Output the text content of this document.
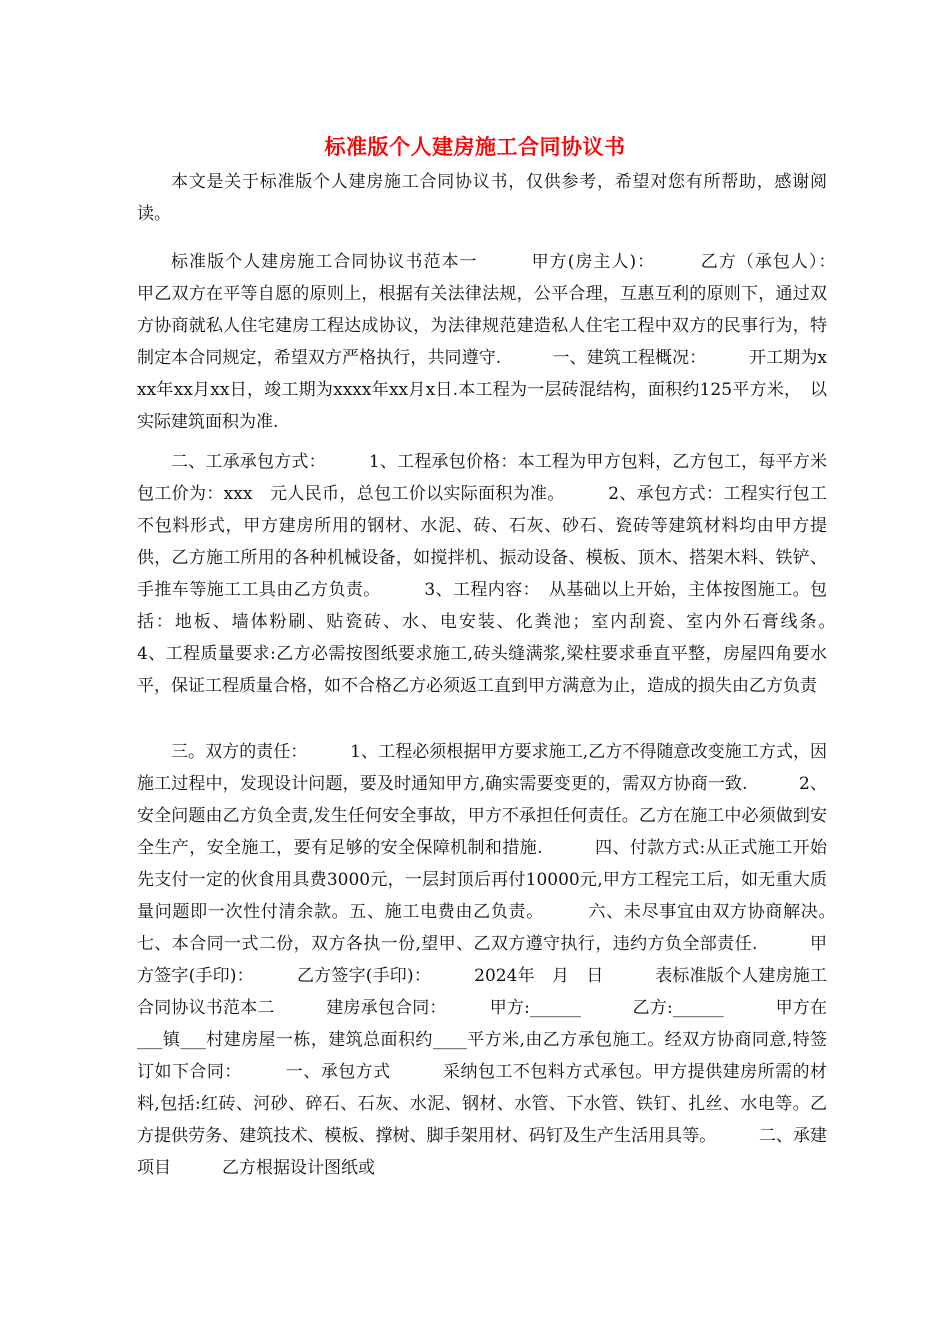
标准版个人建房施工合同协议书

本文是关于标准版个人建房施工合同协议书，仅供参考，希望对您有所帮助，感谢阅读。

标准版个人建房施工合同协议书范本一　　　甲方(房主人)：　　　乙方（承包人）：　　　甲乙双方在平等自愿的原则上，根据有关法律法规，公平合理，互惠互利的原则下，通过双方协商就私人住宅建房工程达成协议，为法律规范建造私人住宅工程中双方的民事行为，特制定本合同规定，希望双方严格执行，共同遵守.　　　一、建筑工程概况：　　　开工期为xxx年xx月xx日，竣工期为xxxx年xx月x日.本工程为一层砖混结构，面积约125平方米，　以实际建筑面积为准.

二、工承承包方式：　　　1、工程承包价格：本工程为甲方包料，乙方包工，每平方米包工价为：xxx　元人民币，总包工价以实际面积为准。　　　2、承包方式：工程实行包工不包料形式，甲方建房所用的钢材、水泥、砖、石灰、砂石、瓷砖等建筑材料均由甲方提供，乙方施工所用的各种机械设备，如搅拌机、振动设备、模板、顶木、搭架木料、铁铲、手推车等施工工具由乙方负责。　　　3、工程内容：　从基础以上开始，主体按图施工。包括：地板、墙体粉刷、贴瓷砖、水、电安装、化粪池；室内刮瓷、室内外石膏线条。　　　4、工程质量要求:乙方必需按图纸要求施工,砖头缝满浆,梁柱要求垂直平整，房屋四角要水平，保证工程质量合格，如不合格乙方必须返工直到甲方满意为止，造成的损失由乙方负责

三。双方的责任：　　　1、工程必须根据甲方要求施工,乙方不得随意改变施工方式，因施工过程中，发现设计问题，要及时通知甲方,确实需要变更的，需双方协商一致.　　　2、安全问题由乙方负全责,发生任何安全事故，甲方不承担任何责任。乙方在施工中必须做到安全生产，安全施工，要有足够的安全保障机制和措施.　　　四、付款方式:从正式施工开始先支付一定的伙食用具费3000元，一层封顶后再付10000元,甲方工程完工后，如无重大质量问题即一次性付清余款。五、施工电费由乙负责。　　　六、未尽事宜由双方协商解决。　　　七、本合同一式二份，双方各执一份,望甲、乙双方遵守执行，违约方负全部责任.　　　甲方签字(手印)：　　　乙方签字(手印)：　　　2024年　月　日　　　表标准版个人建房施工合同协议书范本二　　　建房承包合同：　　　甲方:______　　　乙方:______　　　甲方在___镇___村建房屋一栋，建筑总面积约____平方米,由乙方承包施工。经双方协商同意,特签订如下合同：　　　一、承包方式　　　采纳包工不包料方式承包。甲方提供建房所需的材料,包括:红砖、河砂、碎石、石灰、水泥、钢材、水管、下水管、铁钉、扎丝、水电等。乙方提供劳务、建筑技术、模板、撑树、脚手架用材、码钉及生产生活用具等。　　　二、承建项目　　　乙方根据设计图纸或
